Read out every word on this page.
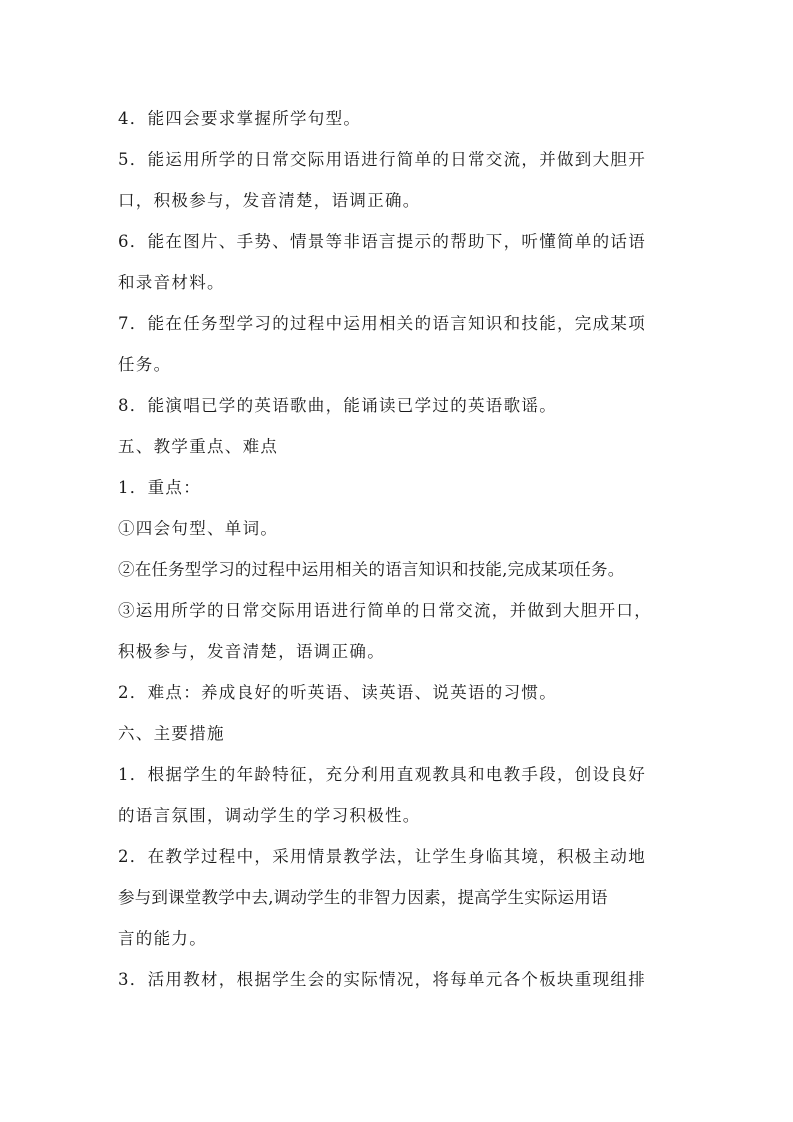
4．能四会要求掌握所学句型。
5．能运用所学的日常交际用语进行简单的日常交流，并做到大胆开
口，积极参与，发音清楚，语调正确。
6．能在图片、手势、情景等非语言提示的帮助下，听懂简单的话语
和录音材料。
7．能在任务型学习的过程中运用相关的语言知识和技能，完成某项
任务。
8．能演唱已学的英语歌曲，能诵读已学过的英语歌谣。
五、教学重点、难点
1．重点：
①四会句型、单词。
②在任务型学习的过程中运用相关的语言知识和技能,完成某项任务。
③运用所学的日常交际用语进行简单的日常交流，并做到大胆开口，
积极参与，发音清楚，语调正确。
2．难点：养成良好的听英语、读英语、说英语的习惯。
六、主要措施
1．根据学生的年龄特征，充分利用直观教具和电教手段，创设良好
的语言氛围，调动学生的学习积极性。
2．在教学过程中，采用情景教学法，让学生身临其境，积极主动地
参与到课堂教学中去,调动学生的非智力因素，提高学生实际运用语
言的能力。
3．活用教材，根据学生会的实际情况，将每单元各个板块重现组排
